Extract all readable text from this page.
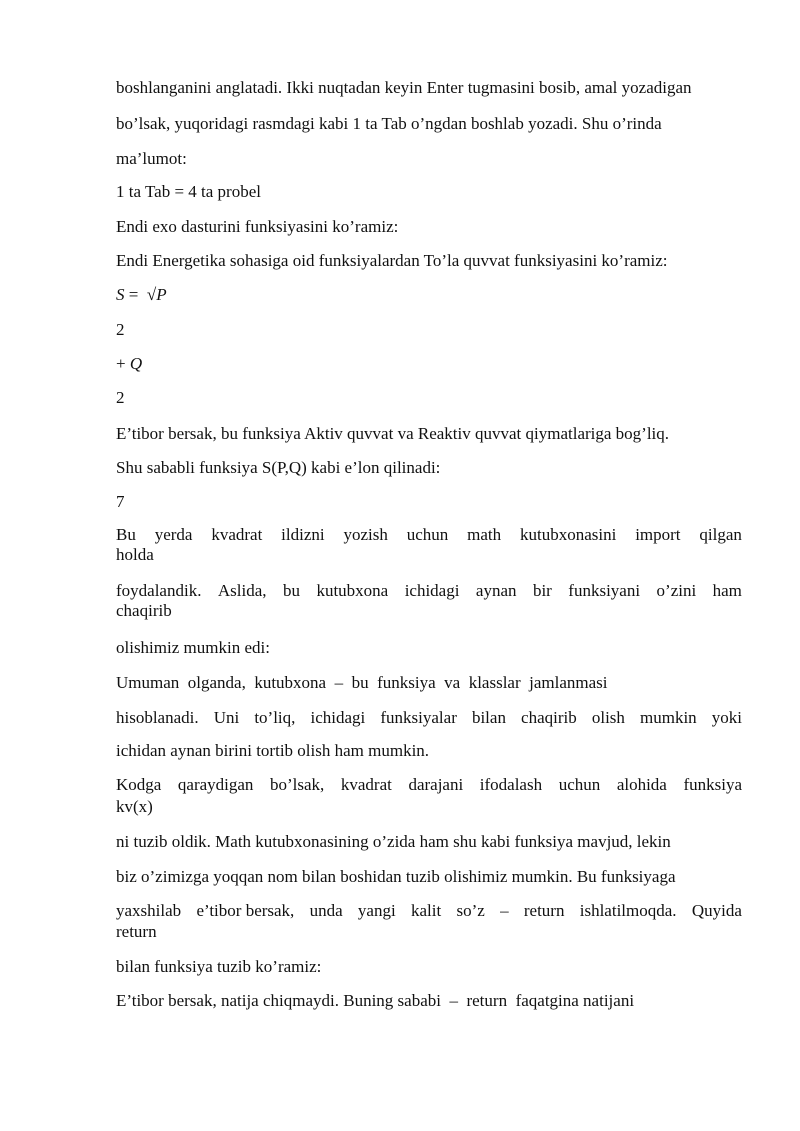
boshlanganini anglatadi. Ikki nuqtadan keyin Enter tugmasini bosib, amal yozadigan
bo’lsak, yuqoridagi rasmdagi kabi 1 ta Tab o’ngdan boshlab yozadi. Shu o’rinda
ma’lumot:
1 ta Tab = 4 ta probel
Endi exo dasturini funksiyasini ko’ramiz:
Endi Energetika sohasiga oid funksiyalardan To’la quvvat funksiyasini ko’ramiz:
S =  √P
2
+ Q
2
E’tibor bersak, bu funksiya Aktiv quvvat va Reaktiv quvvat qiymatlariga bog’liq.
Shu sababli funksiya S(P,Q) kabi e’lon qilinadi:
7
Bu yerda kvadrat ildizni yozish uchun math kutubxonasini import qilgan
holda
foydalandik. Aslida, bu kutubxona ichidagi aynan bir funksiyani o’zini ham
chaqirib
olishimiz mumkin edi:
Umuman  olganda,  kutubxona  –  bu  funksiya  va  klasslar  jamlanmasi
hisoblanadi. Uni to’liq, ichidagi funksiyalar bilan chaqirib olish mumkin yoki
ichidan aynan birini tortib olish ham mumkin.
Kodga qaraydigan bo’lsak, kvadrat darajani ifodalash uchun alohida funksiya
kv(x)
ni tuzib oldik. Math kutubxonasining o’zida ham shu kabi funksiya mavjud, lekin
biz o’zimizga yoqqan nom bilan boshidan tuzib olishimiz mumkin. Bu funksiyaga
yaxshilab e’tibor bersak, unda yangi kalit so’z – return ishlatilmoqda. Quyida
return
bilan funksiya tuzib ko’ramiz:
E’tibor bersak, natija chiqmaydi. Buning sababi  –  return  faqatgina natijani
